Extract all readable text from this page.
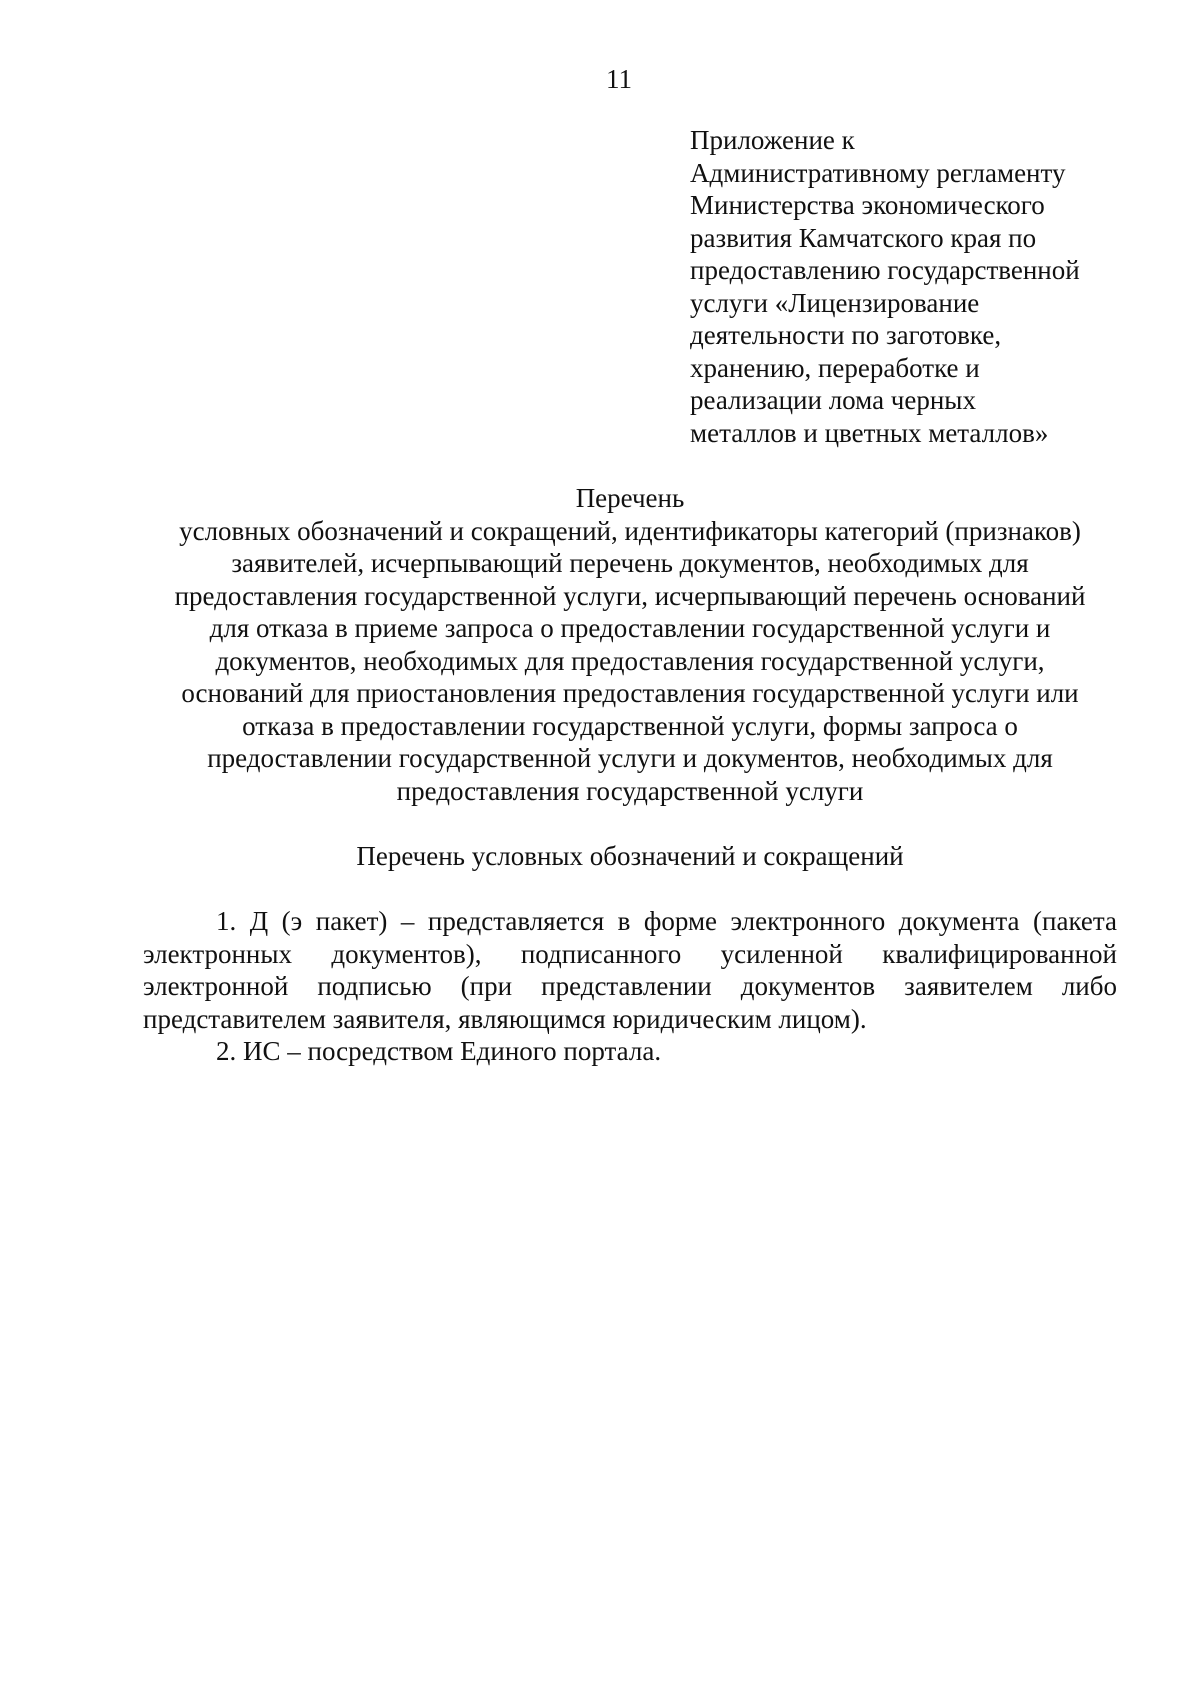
11
Приложение к
Административному регламенту
Министерства экономического
развития Камчатского края по
предоставлению государственной
услуги «Лицензирование
деятельности по заготовке,
хранению, переработке и
реализации лома черных
металлов и цветных металлов»
Перечень
условных обозначений и сокращений, идентификаторы категорий (признаков)
заявителей, исчерпывающий перечень документов, необходимых для
предоставления государственной услуги, исчерпывающий перечень оснований
для отказа в приеме запроса о предоставлении государственной услуги и
документов, необходимых для предоставления государственной услуги,
оснований для приостановления предоставления государственной услуги или
отказа в предоставлении государственной услуги, формы запроса о
предоставлении государственной услуги и документов, необходимых для
предоставления государственной услуги
Перечень условных обозначений и сокращений
1. Д (э пакет) – представляется в форме электронного документа (пакета
электронных документов), подписанного усиленной квалифицированной
электронной подписью (при представлении документов заявителем либо
представителем заявителя, являющимся юридическим лицом).
2. ИС – посредством Единого портала.
